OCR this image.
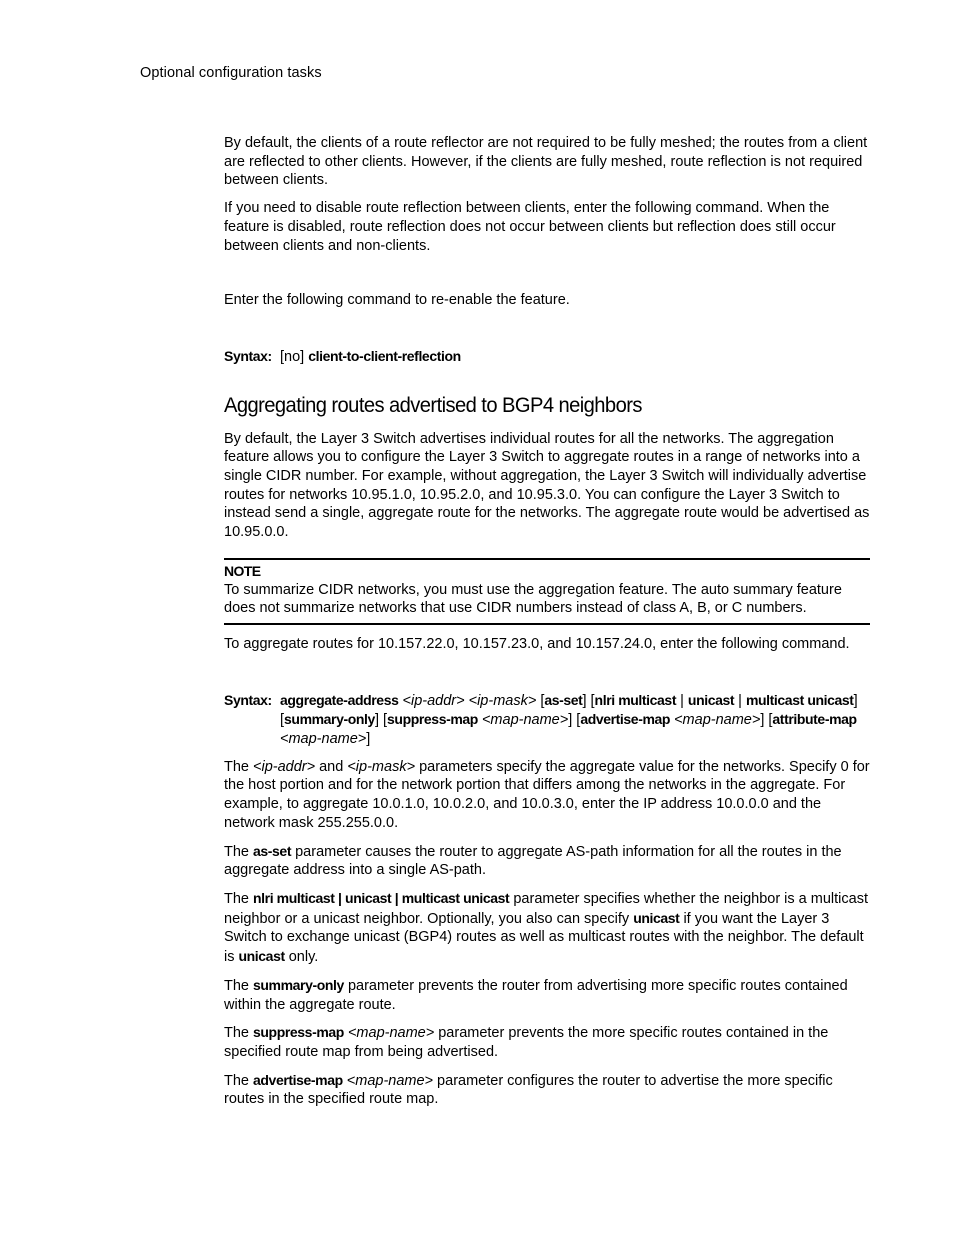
Optional configuration tasks

By default, the clients of a route reflector are not required to be fully meshed; the routes from a client are reflected to other clients. However, if the clients are fully meshed, route reflection is not required between clients.

If you need to disable route reflection between clients, enter the following command. When the feature is disabled, route reflection does not occur between clients but reflection does still occur between clients and non-clients.

Enter the following command to re-enable the feature.

Syntax: [no] client-to-client-reflection
Aggregating routes advertised to BGP4 neighbors

By default, the Layer 3 Switch advertises individual routes for all the networks. The aggregation feature allows you to configure the Layer 3 Switch to aggregate routes in a range of networks into a single CIDR number. For example, without aggregation, the Layer 3 Switch will individually advertise routes for networks 10.95.1.0, 10.95.2.0, and 10.95.3.0. You can configure the Layer 3 Switch to instead send a single, aggregate route for the networks. The aggregate route would be advertised as 10.95.0.0.

NOTE

To summarize CIDR networks, you must use the aggregation feature. The auto summary feature does not summarize networks that use CIDR numbers instead of class A, B, or C numbers.

To aggregate routes for 10.157.22.0, 10.157.23.0, and 10.157.24.0, enter the following command.

Syntax: aggregate-address <ip-addr> <ip-mask> [as-set] [nlri multicast | unicast | multicast unicast] [summary-only] [suppress-map <map-name>] [advertise-map <map-name>] [attribute-map <map-name>]

The <ip-addr> and <ip-mask> parameters specify the aggregate value for the networks. Specify 0 for the host portion and for the network portion that differs among the networks in the aggregate. For example, to aggregate 10.0.1.0, 10.0.2.0, and 10.0.3.0, enter the IP address 10.0.0.0 and the network mask 255.255.0.0.

The as-set parameter causes the router to aggregate AS-path information for all the routes in the aggregate address into a single AS-path.

The nlri multicast | unicast | multicast unicast parameter specifies whether the neighbor is a multicast neighbor or a unicast neighbor. Optionally, you also can specify unicast if you want the Layer 3 Switch to exchange unicast (BGP4) routes as well as multicast routes with the neighbor. The default is unicast only.

The summary-only parameter prevents the router from advertising more specific routes contained within the aggregate route.

The suppress-map <map-name> parameter prevents the more specific routes contained in the specified route map from being advertised.

The advertise-map <map-name> parameter configures the router to advertise the more specific routes in the specified route map.
